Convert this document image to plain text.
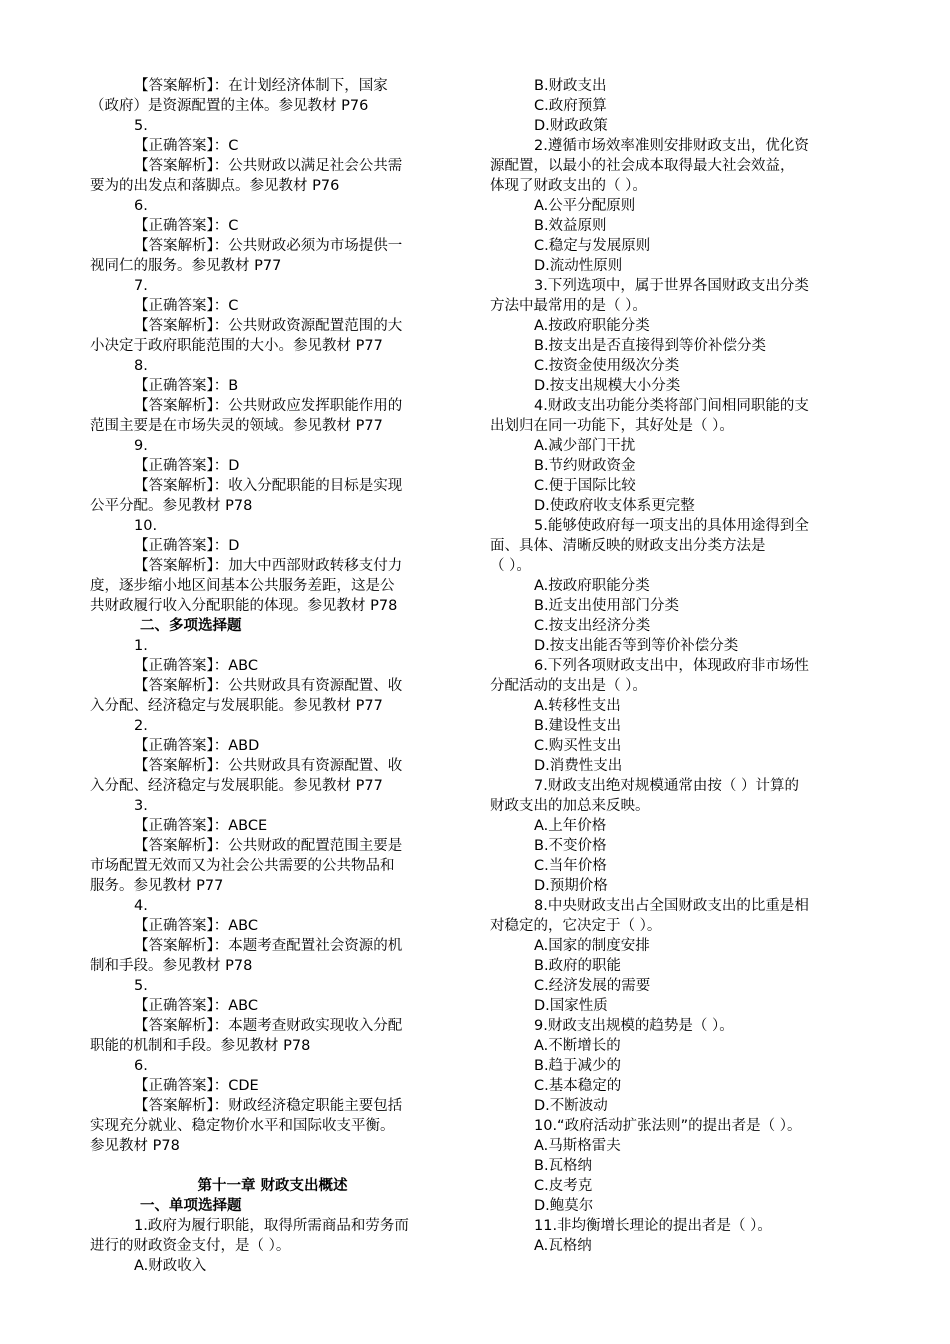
【答案解析】：在计划经济体制下，国家
（政府）是资源配置的主体。参见教材 P76
5.
【正确答案】：C
【答案解析】：公共财政以满足社会公共需
要为的出发点和落脚点。参见教材 P76
6.
【正确答案】：C
【答案解析】：公共财政必须为市场提供一
视同仁的服务。参见教材 P77
7.
【正确答案】：C
【答案解析】：公共财政资源配置范围的大
小决定于政府职能范围的大小。参见教材 P77
8.
【正确答案】：B
【答案解析】：公共财政应发挥职能作用的
范围主要是在市场失灵的领域。参见教材 P77
9.
【正确答案】：D
【答案解析】：收入分配职能的目标是实现
公平分配。参见教材 P78
10.
【正确答案】：D
【答案解析】：加大中西部财政转移支付力
度，逐步缩小地区间基本公共服务差距，这是公
共财政履行收入分配职能的体现。参见教材 P78
二、多项选择题
1.
【正确答案】：ABC
【答案解析】：公共财政具有资源配置、收
入分配、经济稳定与发展职能。参见教材 P77
2.
【正确答案】：ABD
【答案解析】：公共财政具有资源配置、收
入分配、经济稳定与发展职能。参见教材 P77
3.
【正确答案】：ABCE
【答案解析】：公共财政的配置范围主要是
市场配置无效而又为社会公共需要的公共物品和
服务。参见教材 P77
4.
【正确答案】：ABC
【答案解析】：本题考查配置社会资源的机
制和手段。参见教材 P78
5.
【正确答案】：ABC
【答案解析】：本题考查财政实现收入分配
职能的机制和手段。参见教材 P78
6.
【正确答案】：CDE
【答案解析】：财政经济稳定职能主要包括
实现充分就业、稳定物价水平和国际收支平衡。
参见教材 P78
第十一章 财政支出概述
一、单项选择题
1.政府为履行职能，取得所需商品和劳务而
进行的财政资金支付，是（ ）。
A.财政收入
B.财政支出
C.政府预算
D.财政政策
2.遵循市场效率准则安排财政支出，优化资
源配置，以最小的社会成本取得最大社会效益，
体现了财政支出的（ ）。
A.公平分配原则
B.效益原则
C.稳定与发展原则
D.流动性原则
3.下列选项中，属于世界各国财政支出分类
方法中最常用的是（ ）。
A.按政府职能分类
B.按支出是否直接得到等价补偿分类
C.按资金使用级次分类
D.按支出规模大小分类
4.财政支出功能分类将部门间相同职能的支
出划归在同一功能下，其好处是（ ）。
A.减少部门干扰
B.节约财政资金
C.便于国际比较
D.使政府收支体系更完整
5.能够使政府每一项支出的具体用途得到全
面、具体、清晰反映的财政支出分类方法是
（ ）。
A.按政府职能分类
B.近支出使用部门分类
C.按支出经济分类
D.按支出能否等到等价补偿分类
6.下列各项财政支出中，体现政府非市场性
分配活动的支出是（ ）。
A.转移性支出
B.建设性支出
C.购买性支出
D.消费性支出
7.财政支出绝对规模通常由按（ ）计算的
财政支出的加总来反映。
A.上年价格
B.不变价格
C.当年价格
D.预期价格
8.中央财政支出占全国财政支出的比重是相
对稳定的，它决定于（ ）。
A.国家的制度安排
B.政府的职能
C.经济发展的需要
D.国家性质
9.财政支出规模的趋势是（ ）。
A.不断增长的
B.趋于减少的
C.基本稳定的
D.不断波动
10.“政府活动扩张法则”的提出者是（ ）。
A.马斯格雷夫
B.瓦格纳
C.皮考克
D.鲍莫尔
11.非均衡增长理论的提出者是（ ）。
A.瓦格纳
